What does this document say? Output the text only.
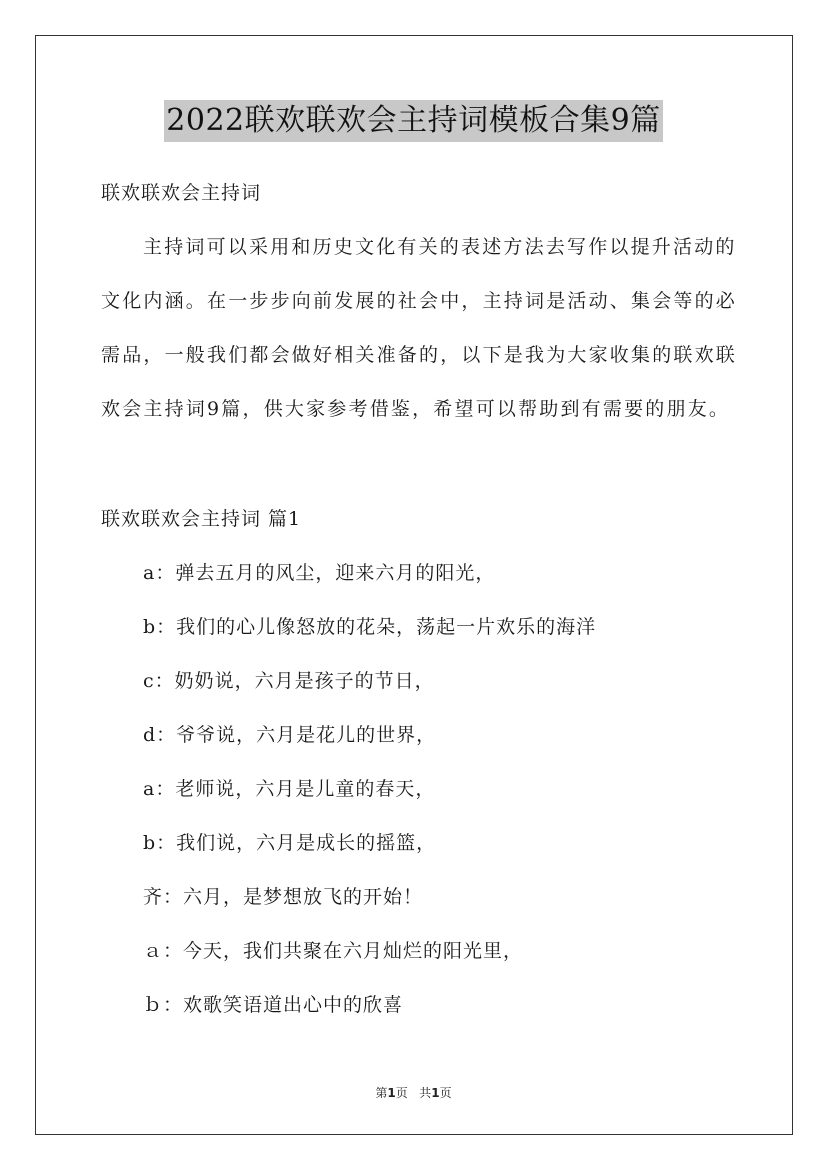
2022联欢联欢会主持词模板合集9篇
联欢联欢会主持词
主持词可以采用和历史文化有关的表述方法去写作以提升活动的
文化内涵。在一步步向前发展的社会中，主持词是活动、集会等的必
需品，一般我们都会做好相关准备的，以下是我为大家收集的联欢联
欢会主持词9篇，供大家参考借鉴，希望可以帮助到有需要的朋友。
联欢联欢会主持词 篇1
a：弹去五月的风尘，迎来六月的阳光，
b：我们的心儿像怒放的花朵，荡起一片欢乐的海洋
c：奶奶说，六月是孩子的节日，
d：爷爷说，六月是花儿的世界，
a：老师说，六月是儿童的春天，
b：我们说，六月是成长的摇篮，
齐：六月，是梦想放飞的开始！
ａ：今天，我们共聚在六月灿烂的阳光里，
ｂ：欢歌笑语道出心中的欣喜
第1页 共1页
